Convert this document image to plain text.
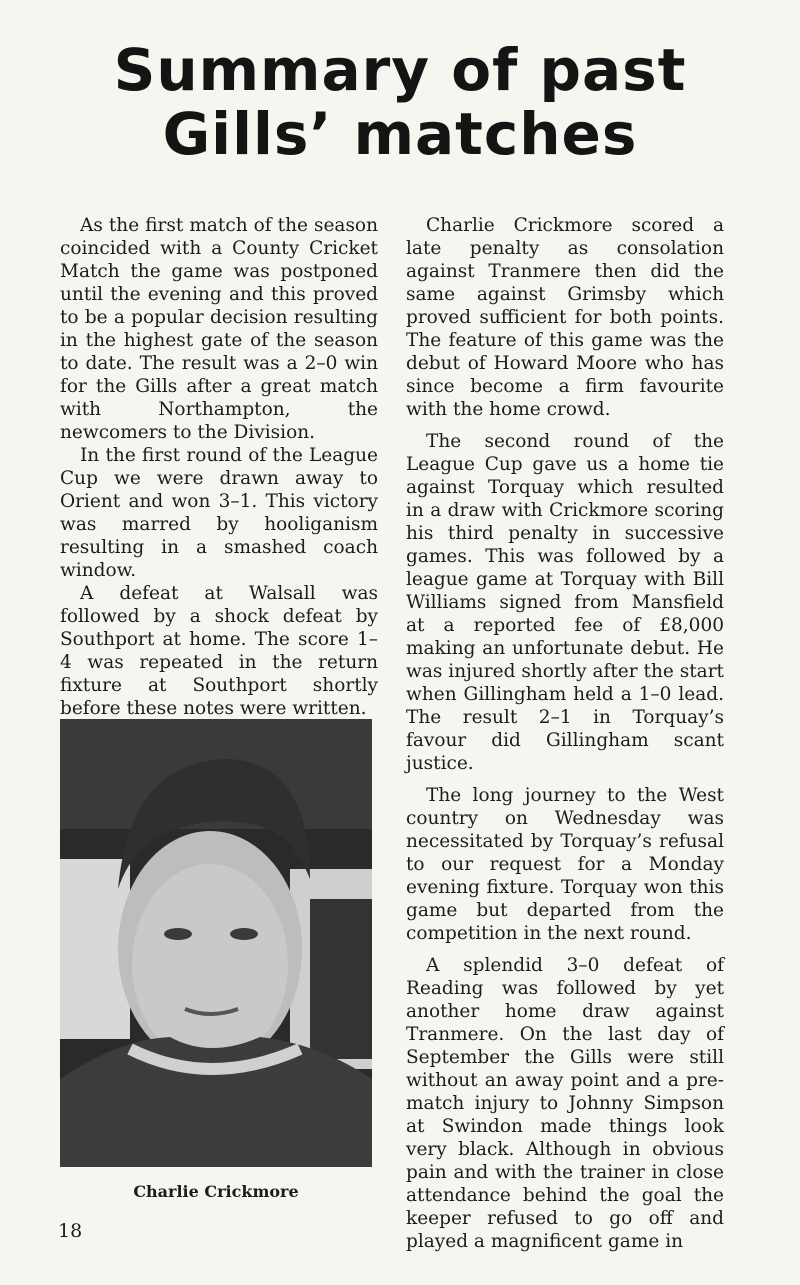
Summary of past
Gills’ matches

As the first match of the season coincided with a County Cricket Match the game was postponed until the evening and this proved to be a popular decision resulting in the highest gate of the season to date. The result was a 2–0 win for the Gills after a great match with Northampton, the newcomers to the Division.

In the first round of the League Cup we were drawn away to Orient and won 3–1. This victory was marred by hooliganism resulting in a smashed coach window.

A defeat at Walsall was followed by a shock defeat by Southport at home. The score 1–4 was repeated in the return fixture at Southport shortly before these notes were written.

Charlie Crickmore scored a late penalty as consolation against Tranmere then did the same against Grimsby which proved sufficient for both points. The feature of this game was the debut of Howard Moore who has since become a firm favourite with the home crowd.

The second round of the League Cup gave us a home tie against Torquay which resulted in a draw with Crickmore scoring his third penalty in successive games. This was followed by a league game at Torquay with Bill Williams signed from Mansfield at a reported fee of £8,000 making an unfortunate debut. He was injured shortly after the start when Gillingham held a 1–0 lead. The result 2–1 in Torquay’s favour did Gillingham scant justice.

The long journey to the West country on Wednesday was necessitated by Torquay’s refusal to our request for a Monday evening fixture. Torquay won this game but departed from the competition in the next round.

A splendid 3–0 defeat of Reading was followed by yet another home draw against Tranmere. On the last day of September the Gills were still without an away point and a pre-match injury to Johnny Simpson at Swindon made things look very black. Although in obvious pain and with the trainer in close attendance behind the goal the keeper refused to go off and played a magnificent game in

Charlie Crickmore
18
